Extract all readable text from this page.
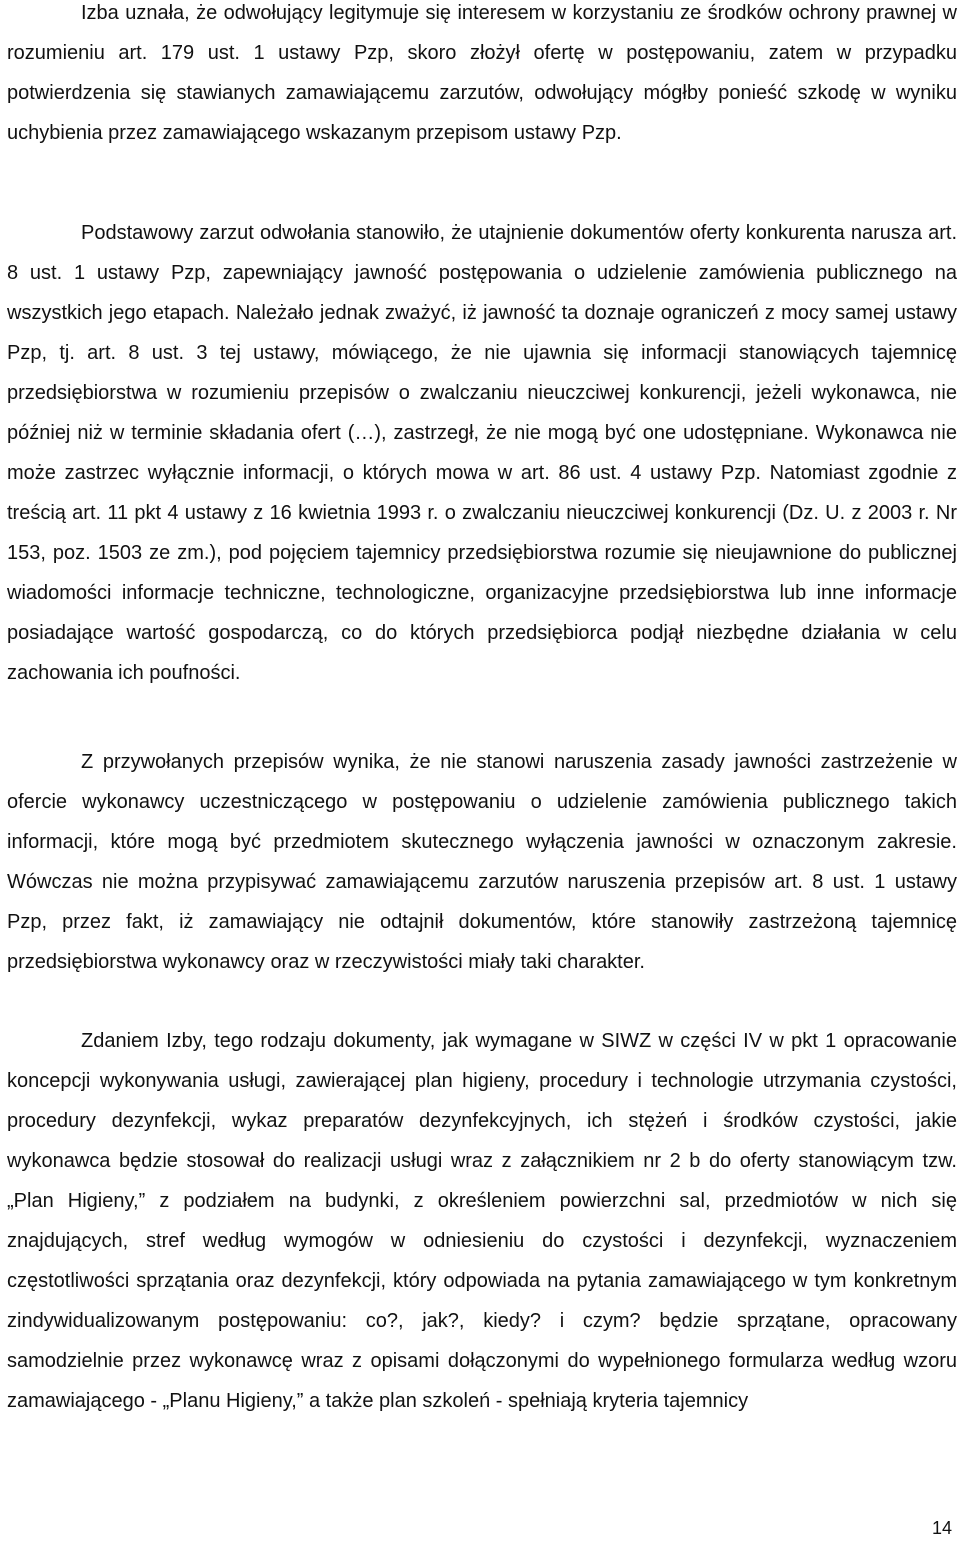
Izba uznała, że odwołujący legitymuje się interesem w korzystaniu ze środków ochrony prawnej w rozumieniu art. 179 ust. 1 ustawy Pzp, skoro złożył ofertę w postępowaniu, zatem w przypadku potwierdzenia się stawianych zamawiającemu zarzutów, odwołujący mógłby ponieść szkodę w wyniku uchybienia przez zamawiającego wskazanym przepisom ustawy Pzp.

Podstawowy zarzut odwołania stanowiło, że utajnienie dokumentów oferty konkurenta narusza art. 8 ust. 1 ustawy Pzp, zapewniający jawność postępowania o udzielenie zamówienia publicznego na wszystkich jego etapach. Należało jednak zważyć, iż jawność ta doznaje ograniczeń z mocy samej ustawy Pzp, tj. art. 8 ust. 3 tej ustawy, mówiącego, że nie ujawnia się informacji stanowiących tajemnicę przedsiębiorstwa w rozumieniu przepisów o zwalczaniu nieuczciwej konkurencji, jeżeli wykonawca, nie później niż w terminie składania ofert (…), zastrzegł, że nie mogą być one udostępniane. Wykonawca nie może zastrzec wyłącznie informacji, o których mowa w art. 86 ust. 4 ustawy Pzp. Natomiast zgodnie z treścią art. 11 pkt 4 ustawy z 16 kwietnia 1993 r. o zwalczaniu nieuczciwej konkurencji (Dz. U. z 2003 r. Nr 153, poz. 1503 ze zm.), pod pojęciem tajemnicy przedsiębiorstwa rozumie się nieujawnione do publicznej wiadomości informacje techniczne, technologiczne, organizacyjne przedsiębiorstwa lub inne informacje posiadające wartość gospodarczą, co do których przedsiębiorca podjął niezbędne działania w celu zachowania ich poufności.

Z przywołanych przepisów wynika, że nie stanowi naruszenia zasady jawności zastrzeżenie w ofercie wykonawcy uczestniczącego w postępowaniu o udzielenie zamówienia publicznego takich informacji, które mogą być przedmiotem skutecznego wyłączenia jawności w oznaczonym zakresie. Wówczas nie można przypisywać zamawiającemu zarzutów naruszenia przepisów art. 8 ust. 1 ustawy Pzp, przez fakt, iż zamawiający nie odtajnił dokumentów, które stanowiły zastrzeżoną tajemnicę przedsiębiorstwa wykonawcy oraz w rzeczywistości miały taki charakter.

Zdaniem Izby, tego rodzaju dokumenty, jak wymagane w SIWZ w części IV w pkt 1 opracowanie koncepcji wykonywania usługi, zawierającej plan higieny, procedury i technologie utrzymania czystości, procedury dezynfekcji, wykaz preparatów dezynfekcyjnych, ich stężeń i środków czystości, jakie wykonawca będzie stosował do realizacji usługi wraz z załącznikiem nr 2 b do oferty stanowiącym tzw. „Plan Higieny,” z podziałem na budynki, z określeniem powierzchni sal, przedmiotów w nich się znajdujących, stref według wymogów w odniesieniu do czystości i dezynfekcji, wyznaczeniem częstotliwości sprzątania oraz dezynfekcji, który odpowiada na pytania zamawiającego w tym konkretnym zindywidualizowanym postępowaniu: co?, jak?, kiedy? i czym? będzie sprzątane, opracowany samodzielnie przez wykonawcę wraz z opisami dołączonymi do wypełnionego formularza według wzoru zamawiającego - „Planu Higieny,” a także plan szkoleń - spełniają kryteria tajemnicy

14
